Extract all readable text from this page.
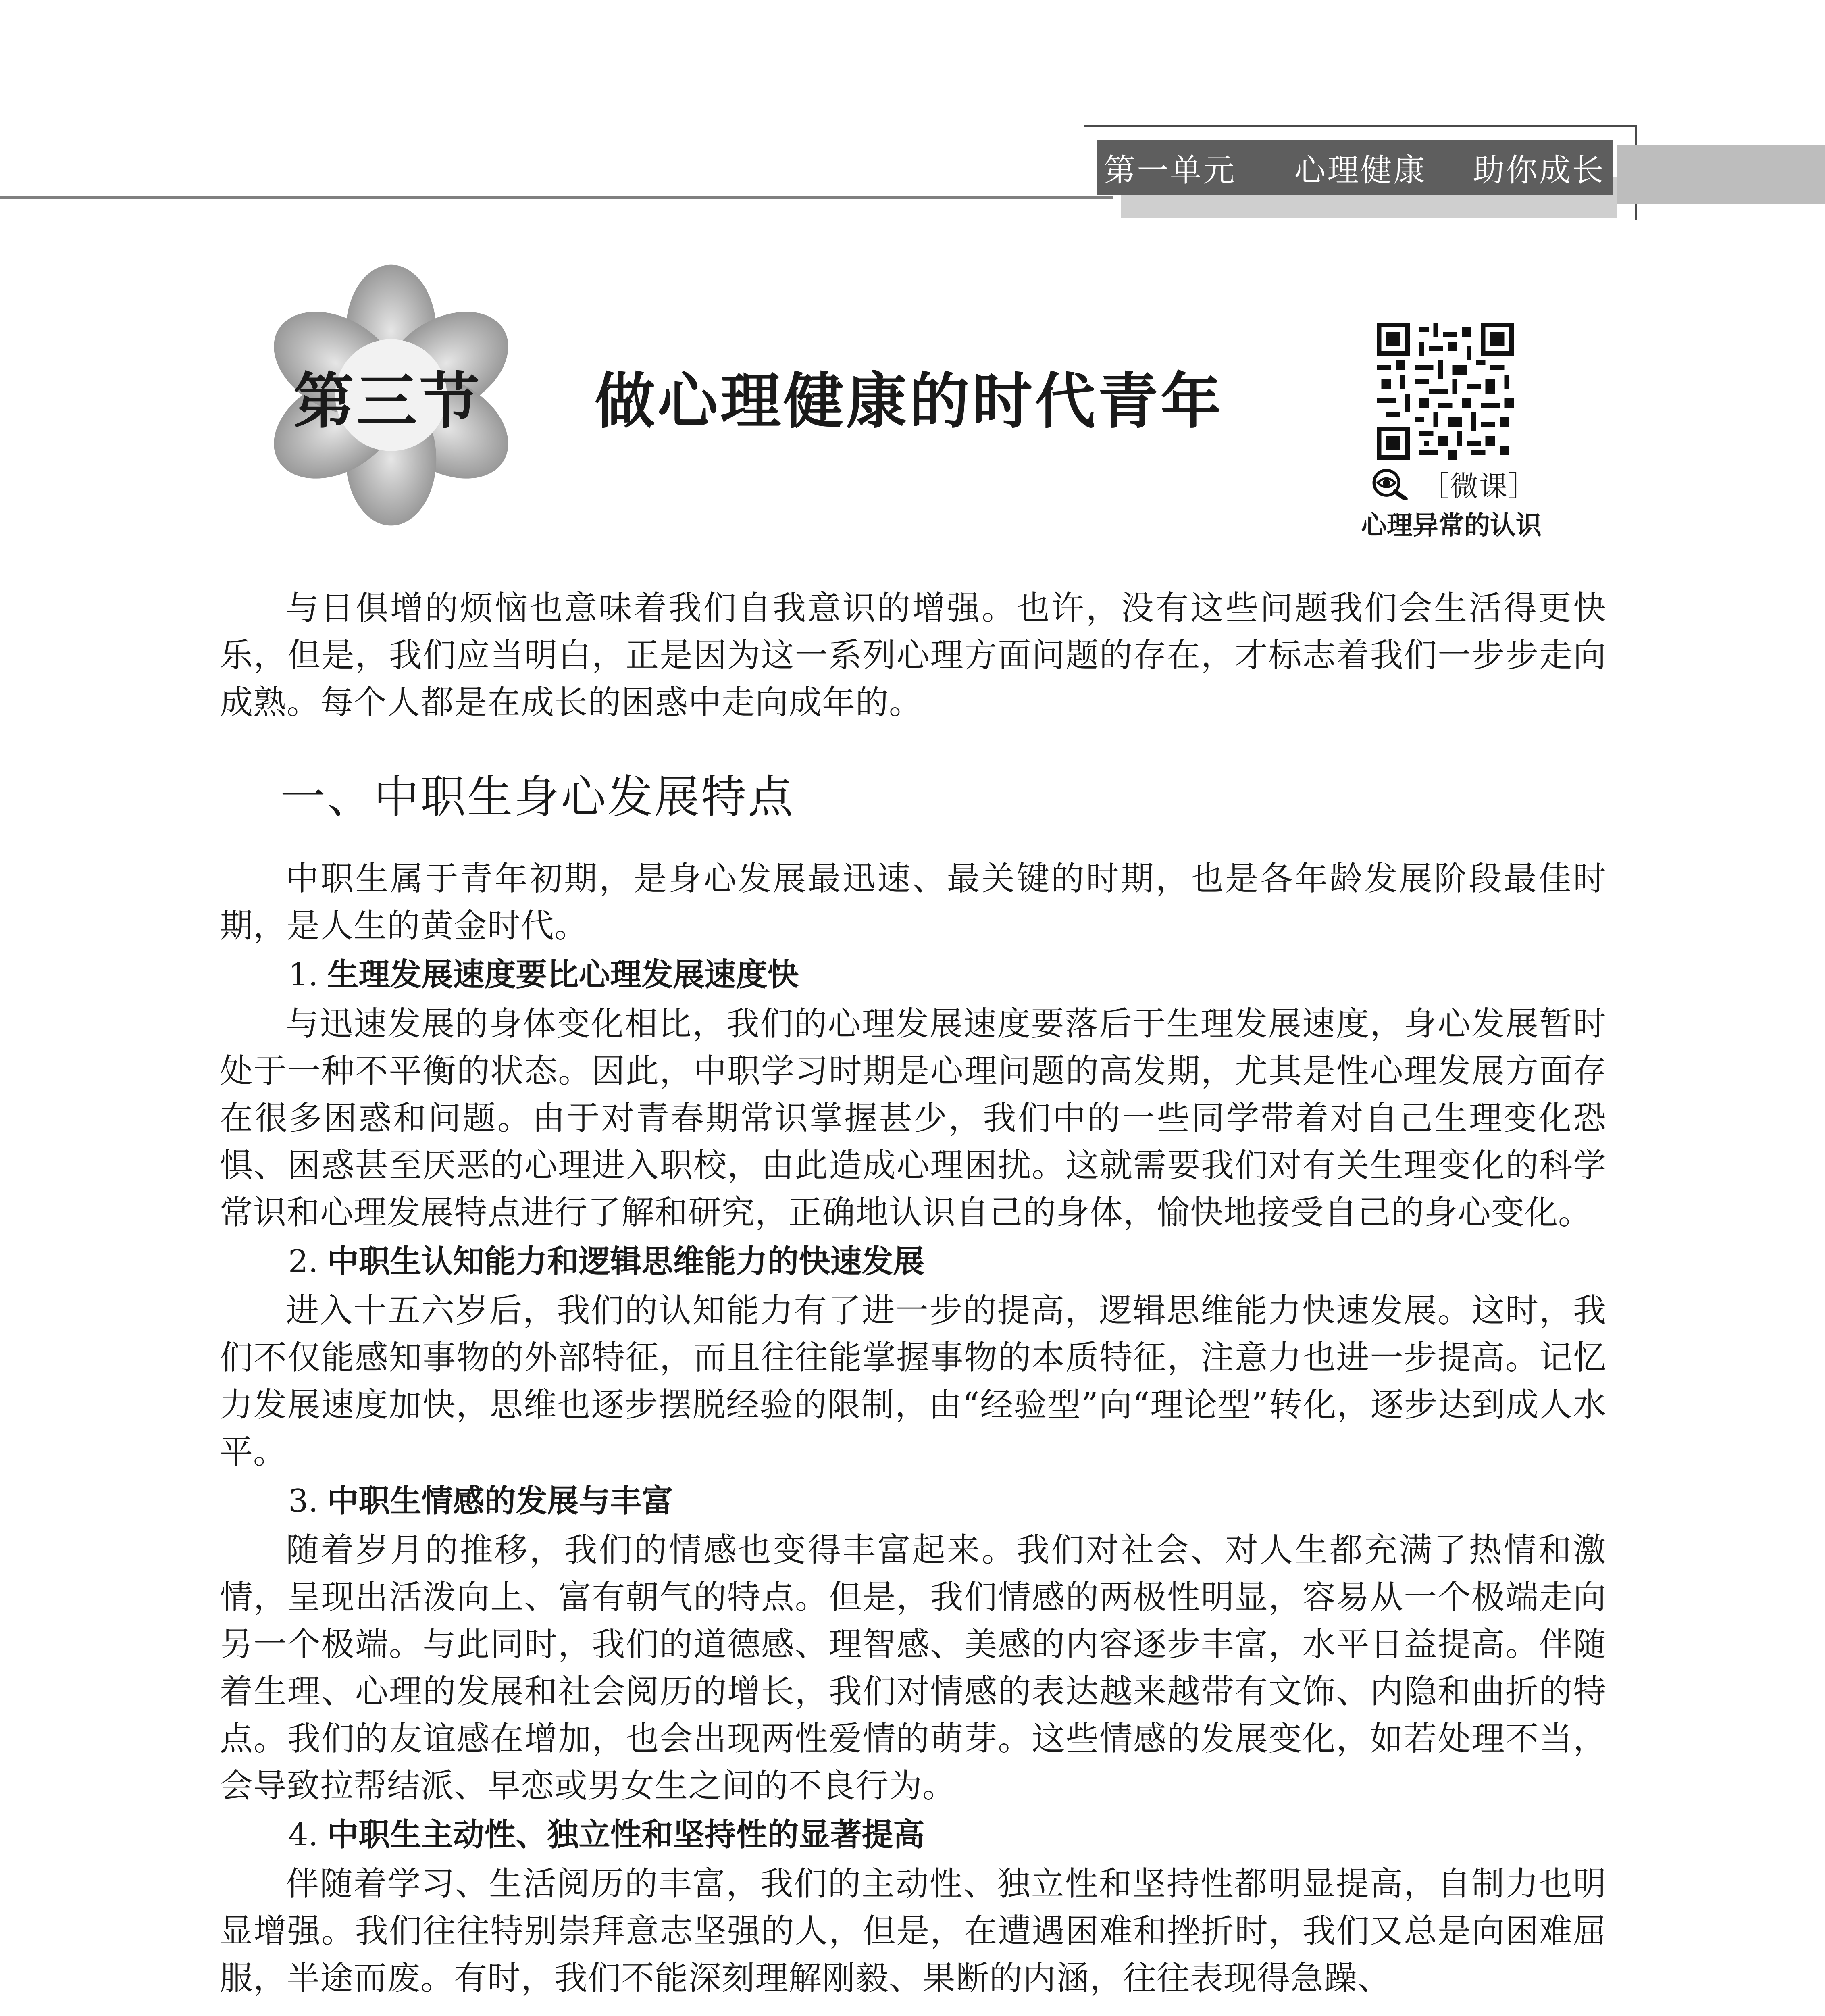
第一单元
心理健康
助你成长
第三节 做心理健康的时代青年
［微课］
心理异常的认识

与日俱增的烦恼也意味着我们自我意识的增强。也许，没有这些问题我们会生活得更快乐，但是，我们应当明白，正是因为这一系列心理方面问题的存在，才标志着我们一步步走向成熟。每个人都是在成长的困惑中走向成年的。

一、中职生身心发展特点

中职生属于青年初期，是身心发展最迅速、最关键的时期，也是各年龄发展阶段最佳时期，是人生的黄金时代。

1. 生理发展速度要比心理发展速度快

与迅速发展的身体变化相比，我们的心理发展速度要落后于生理发展速度，身心发展暂时处于一种不平衡的状态。因此，中职学习时期是心理问题的高发期，尤其是性心理发展方面存在很多困惑和问题。由于对青春期常识掌握甚少，我们中的一些同学带着对自己生理变化恐惧、困惑甚至厌恶的心理进入职校，由此造成心理困扰。这就需要我们对有关生理变化的科学常识和心理发展特点进行了解和研究，正确地认识自己的身体，愉快地接受自己的身心变化。

2. 中职生认知能力和逻辑思维能力的快速发展

进入十五六岁后，我们的认知能力有了进一步的提高，逻辑思维能力快速发展。这时，我们不仅能感知事物的外部特征，而且往往能掌握事物的本质特征，注意力也进一步提高。记忆力发展速度加快，思维也逐步摆脱经验的限制，由“经验型”向“理论型”转化，逐步达到成人水平。

3. 中职生情感的发展与丰富

随着岁月的推移，我们的情感也变得丰富起来。我们对社会、对人生都充满了热情和激情，呈现出活泼向上、富有朝气的特点。但是，我们情感的两极性明显，容易从一个极端走向另一个极端。与此同时，我们的道德感、理智感、美感的内容逐步丰富，水平日益提高。伴随着生理、心理的发展和社会阅历的增长，我们对情感的表达越来越带有文饰、内隐和曲折的特点。我们的友谊感在增加，也会出现两性爱情的萌芽。这些情感的发展变化，如若处理不当，会导致拉帮结派、早恋或男女生之间的不良行为。

4. 中职生主动性、独立性和坚持性的显著提高

伴随着学习、生活阅历的丰富，我们的主动性、独立性和坚持性都明显提高，自制力也明显增强。我们往往特别崇拜意志坚强的人，但是，在遭遇困难和挫折时，我们又总是向困难屈服，半途而废。有时，我们不能深刻理解刚毅、果断的内涵，往往表现得急躁、
